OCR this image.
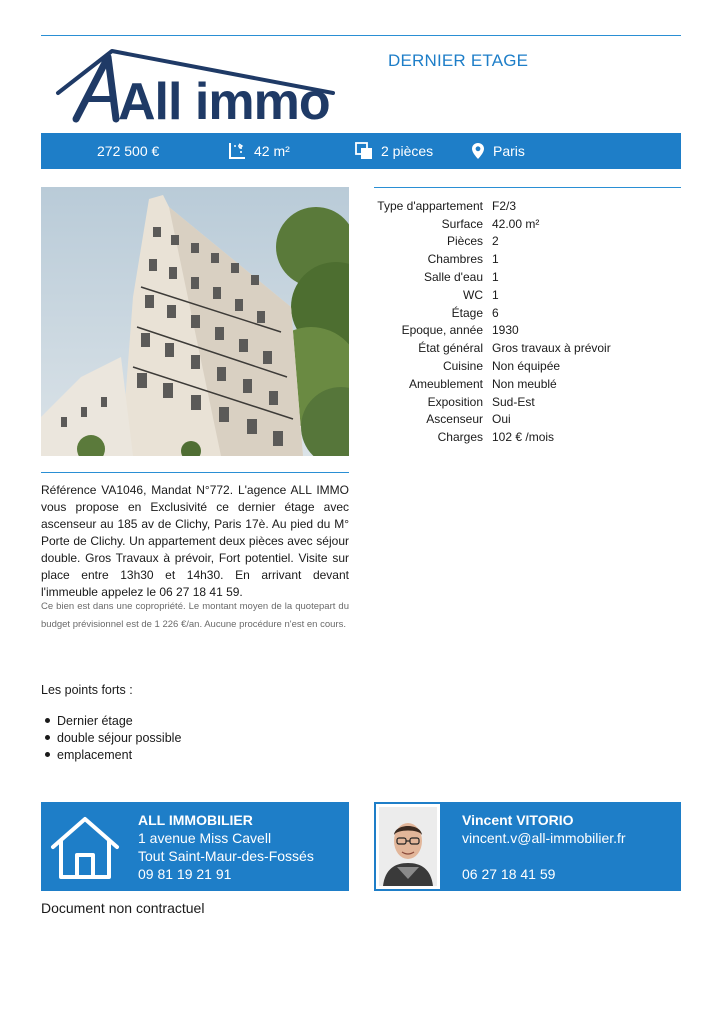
All immo
DERNIER ETAGE
272 500 €	42 m²	2 pièces	Paris
Type d'appartement F2/3
Surface 42.00 m²
Pièces 2
Chambres 1
Salle d'eau 1
WC 1
Étage 6
Epoque, année 1930
État général Gros travaux à prévoir
Cuisine Non équipée
Ameublement Non meublé
Exposition Sud-Est
Ascenseur Oui
Charges 102 € /mois

Référence VA1046, Mandat N°772. L'agence ALL IMMO vous propose en Exclusivité ce dernier étage avec ascenseur au 185 av de Clichy, Paris 17è. Au pied du M° Porte de Clichy. Un appartement deux pièces avec séjour double. Gros Travaux à prévoir, Fort potentiel. Visite sur place entre 13h30 et 14h30. En arrivant devant l'immeuble appelez le 06 27 18 41 59.

Ce bien est dans une copropriété. Le montant moyen de la quotepart du budget prévisionnel est de 1 226 €/an. Aucune procédure n'est en cours.

Les points forts :
Dernier étage
double séjour possible
emplacement
ALL IMMOBILIER
1 avenue Miss Cavell
Tout Saint-Maur-des-Fossés
09 81 19 21 91
Vincent VITORIO
vincent.v@all-immobilier.fr
06 27 18 41 59
Document non contractuel
